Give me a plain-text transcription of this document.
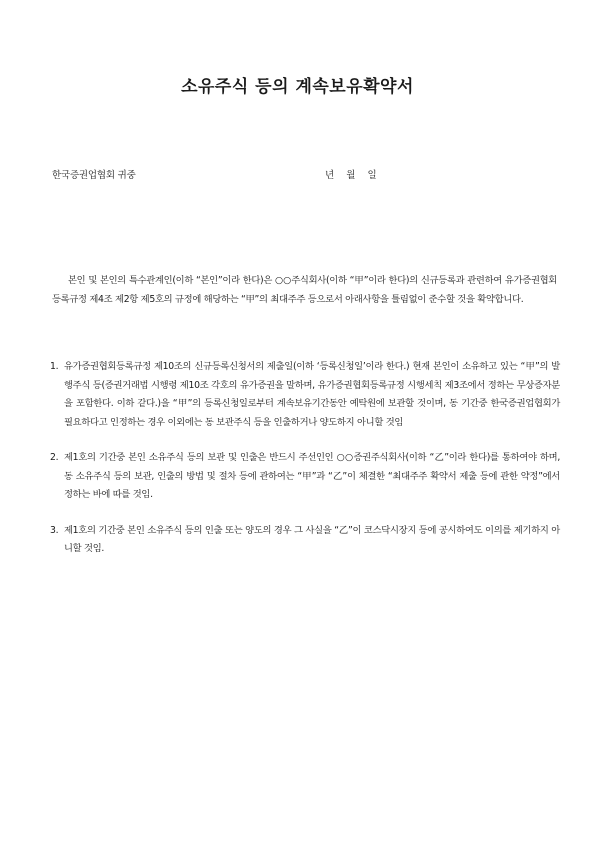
소유주식 등의 계속보유확약서
한국증권업협회 귀중	년    월    일
본인 및 본인의 특수관계인(이하 “본인”이라 한다)은 ○○주식회사(이하 “甲”이라 한다)의 신규등록과 관련하여 유가증권협회등록규정 제4조 제2항 제5호의 규정에 해당하는 “甲”의 최대주주 등으로서 아래사항을 틀림없이 준수할 것을 확약합니다.
1. 유가증권협회등록규정 제10조의 신규등록신청서의 제출일(이하 ‘등록신청일’이라 한다.) 현재 본인이 소유하고 있는 “甲”의 발행주식 등(증권거래법 시행령 제10조 각호의 유가증권을 말하며, 유가증권협회등록규정 시행세칙 제3조에서 정하는 무상증자분을 포함한다. 이하 같다.)을 “甲”의 등록신청일로부터 계속보유기간동안 예탁원에 보관할 것이며, 동 기간중 한국증권업협회가 필요하다고 인정하는 경우 이외에는 동 보관주식 등을 인출하거나 양도하지 아니할 것임
2. 제1호의 기간중 본인 소유주식 등의 보관 및 인출은 반드시 주선인인 ○○증권주식회사(이하 “乙”이라 한다)를 통하여야 하며, 동 소유주식 등의 보관, 인출의 방법 및 절차 등에 관하여는 “甲”과 “乙”이 체결한 “최대주주 확약서 제출 등에 관한 약정”에서 정하는 바에 따를 것임.
3. 제1호의 기간중 본인 소유주식 등의 인출 또는 양도의 경우 그 사실을 “乙”이 코스닥시장지 등에 공시하여도 이의를 제기하지 아니할 것임.
